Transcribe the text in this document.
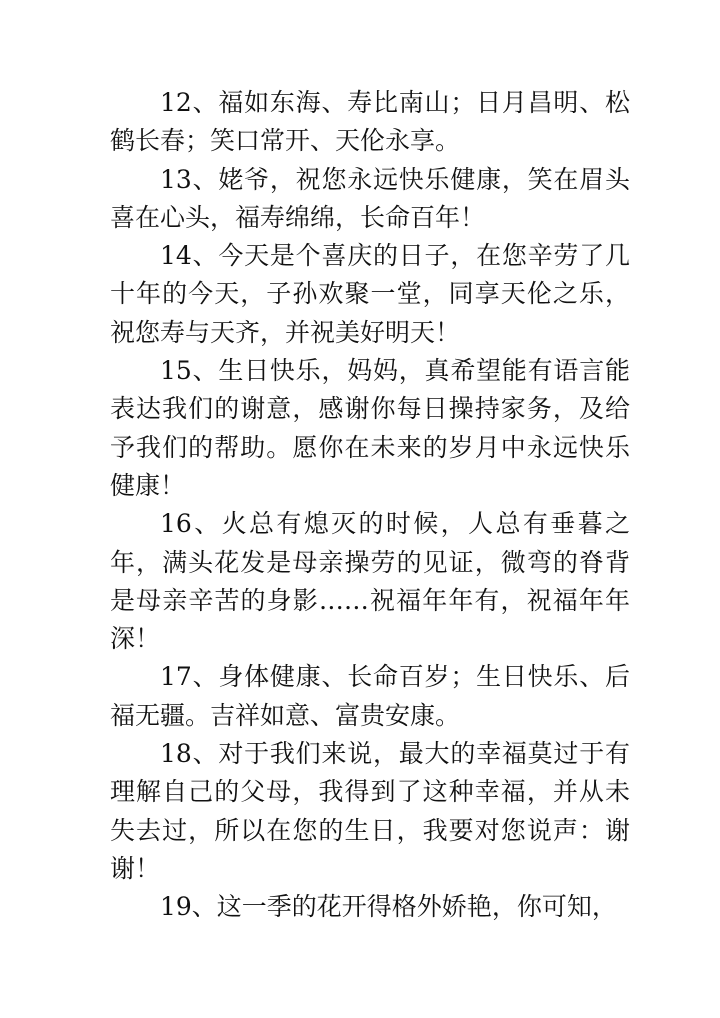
12、福如东海、寿比南山；日月昌明、松鹤长春；笑口常开、天伦永享。

13、姥爷，祝您永远快乐健康，笑在眉头喜在心头，福寿绵绵，长命百年！

14、今天是个喜庆的日子，在您辛劳了几十年的今天，子孙欢聚一堂，同享天伦之乐，祝您寿与天齐，并祝美好明天！

15、生日快乐，妈妈，真希望能有语言能表达我们的谢意，感谢你每日操持家务，及给予我们的帮助。愿你在未来的岁月中永远快乐健康！

16、火总有熄灭的时候，人总有垂暮之年，满头花发是母亲操劳的见证，微弯的脊背是母亲辛苦的身影……祝福年年有，祝福年年深！

17、身体健康、长命百岁；生日快乐、后福无疆。吉祥如意、富贵安康。

18、对于我们来说，最大的幸福莫过于有理解自己的父母，我得到了这种幸福，并从未失去过，所以在您的生日，我要对您说声：谢谢！

19、这一季的花开得格外娇艳，你可知，
